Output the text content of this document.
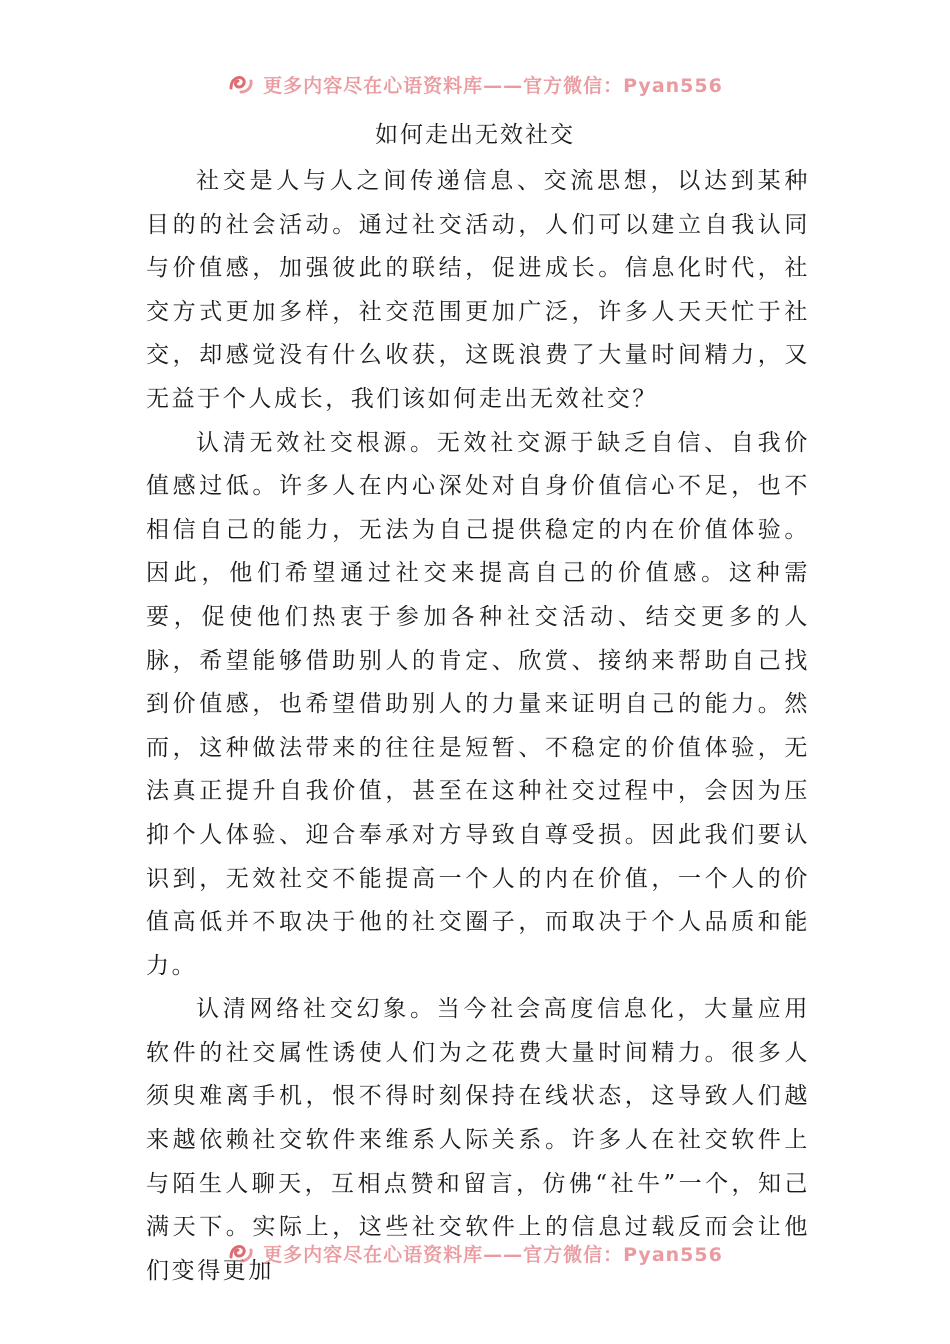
更多内容尽在心语资料库——官方微信：Pyan556
如何走出无效社交

社交是人与人之间传递信息、交流思想，以达到某种目的的社会活动。通过社交活动，人们可以建立自我认同与价值感，加强彼此的联结，促进成长。信息化时代，社交方式更加多样，社交范围更加广泛，许多人天天忙于社交，却感觉没有什么收获，这既浪费了大量时间精力，又无益于个人成长，我们该如何走出无效社交？

认清无效社交根源。无效社交源于缺乏自信、自我价值感过低。许多人在内心深处对自身价值信心不足，也不相信自己的能力，无法为自己提供稳定的内在价值体验。因此，他们希望通过社交来提高自己的价值感。这种需要，促使他们热衷于参加各种社交活动、结交更多的人脉，希望能够借助别人的肯定、欣赏、接纳来帮助自己找到价值感，也希望借助别人的力量来证明自己的能力。然而，这种做法带来的往往是短暂、不稳定的价值体验，无法真正提升自我价值，甚至在这种社交过程中，会因为压抑个人体验、迎合奉承对方导致自尊受损。因此我们要认识到，无效社交不能提高一个人的内在价值，一个人的价值高低并不取决于他的社交圈子，而取决于个人品质和能力。

认清网络社交幻象。当今社会高度信息化，大量应用软件的社交属性诱使人们为之花费大量时间精力。很多人须臾难离手机，恨不得时刻保持在线状态，这导致人们越来越依赖社交软件来维系人际关系。许多人在社交软件上与陌生人聊天，互相点赞和留言，仿佛“社牛”一个，知己满天下。实际上，这些社交软件上的信息过载反而会让他们变得更加

更多内容尽在心语资料库——官方微信：Pyan556
